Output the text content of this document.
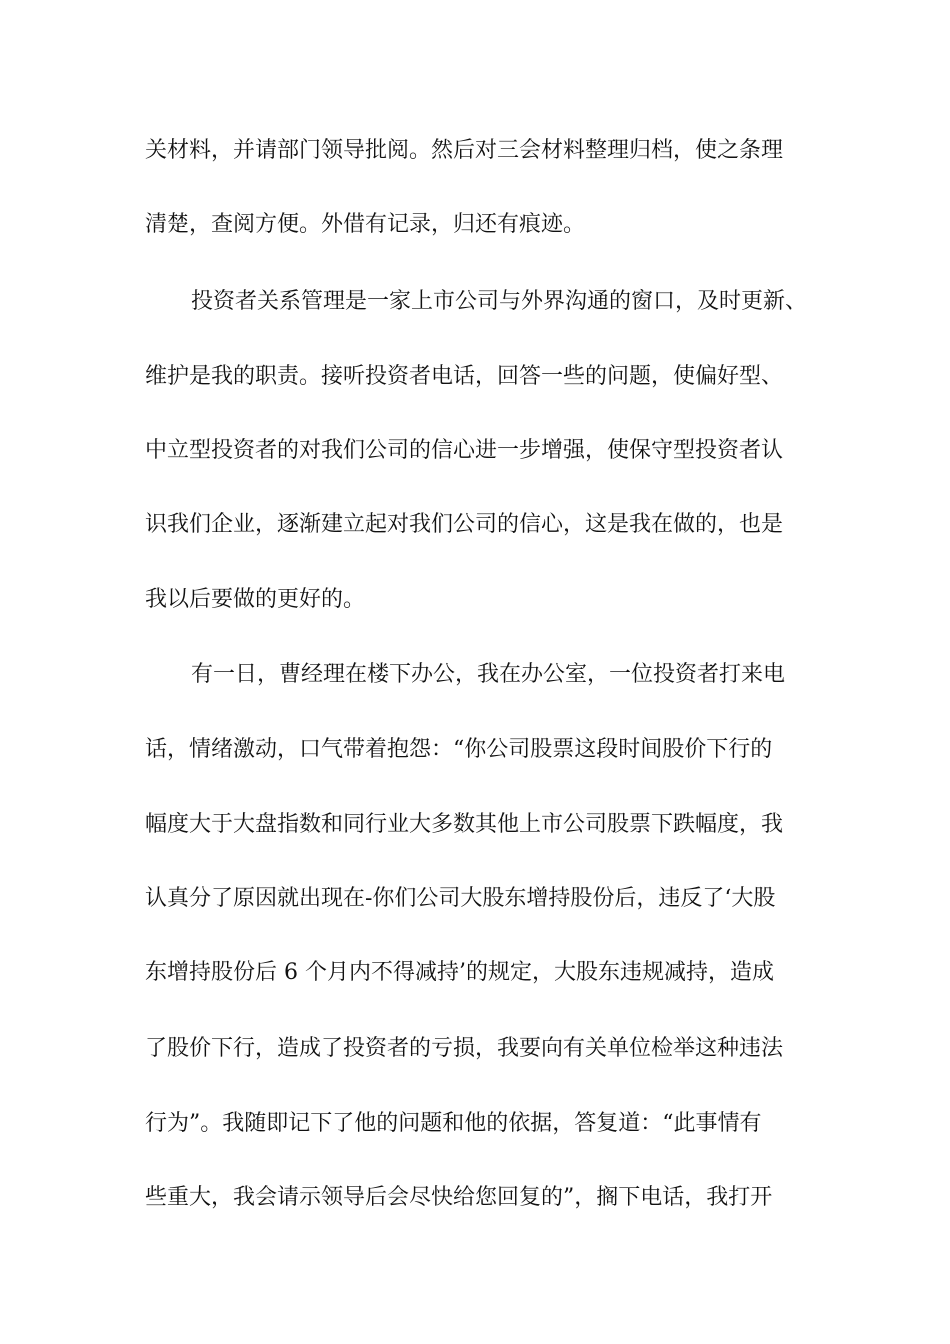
关材料，并请部门领导批阅。然后对三会材料整理归档，使之条理
清楚，查阅方便。外借有记录，归还有痕迹。
投资者关系管理是一家上市公司与外界沟通的窗口，及时更新、
维护是我的职责。接听投资者电话，回答一些的问题，使偏好型、
中立型投资者的对我们公司的信心进一步增强，使保守型投资者认
识我们企业，逐渐建立起对我们公司的信心，这是我在做的，也是
我以后要做的更好的。
有一日，曹经理在楼下办公，我在办公室，一位投资者打来电
话，情绪激动，口气带着抱怨：“你公司股票这段时间股价下行的
幅度大于大盘指数和同行业大多数其他上市公司股票下跌幅度，我
认真分了原因就出现在-你们公司大股东增持股份后，违反了‘大股
东增持股份后 6 个月内不得减持’的规定，大股东违规减持，造成
了股价下行，造成了投资者的亏损，我要向有关单位检举这种违法
行为”。我随即记下了他的问题和他的依据，答复道：“此事情有
些重大，我会请示领导后会尽快给您回复的”，搁下电话，我打开
